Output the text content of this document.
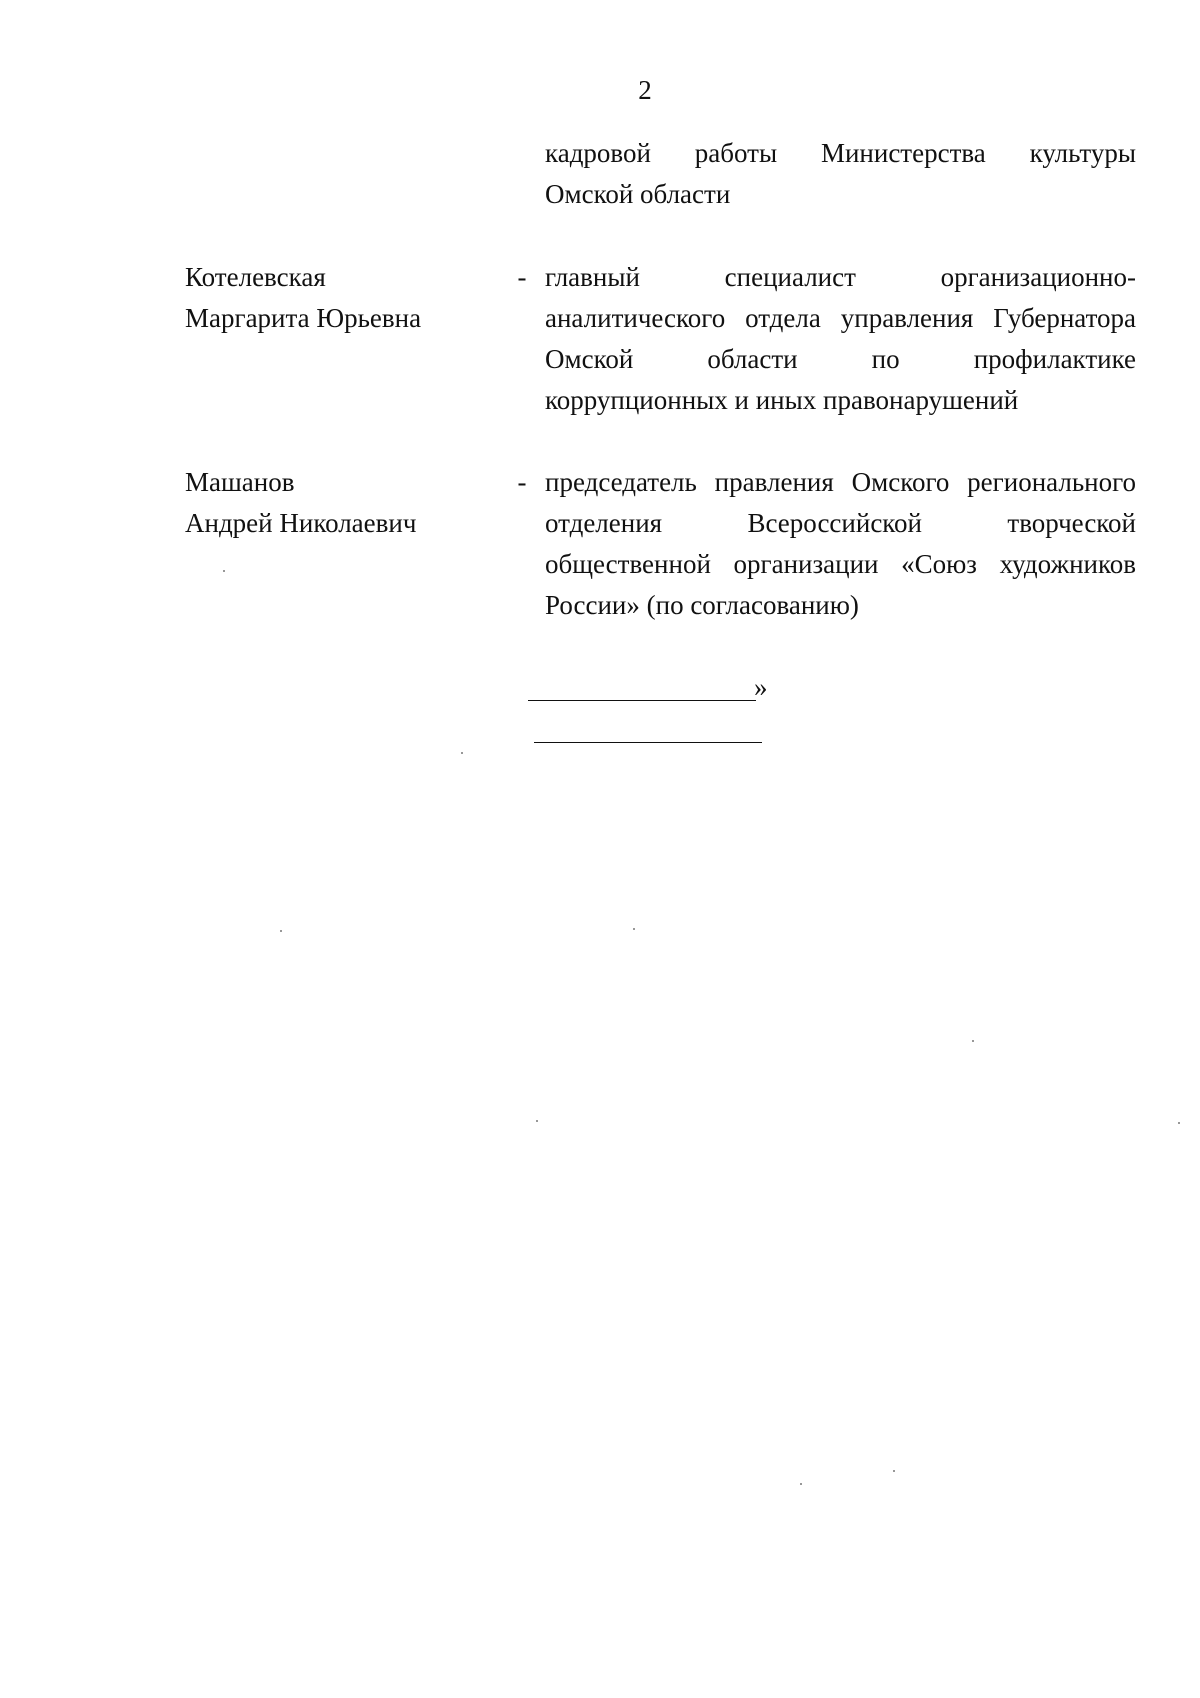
2
кадровой работы Министерства культуры
Омской области
Котелевская
Маргарита Юрьевна
- главный специалист организационно-
аналитического отдела управления Губернатора
Омской области по профилактике
коррупционных и иных правонарушений
Машанов
Андрей Николаевич
- председатель правления Омского регионального
отделения Всероссийской творческой
общественной организации «Союз художников
России» (по согласованию)
»
